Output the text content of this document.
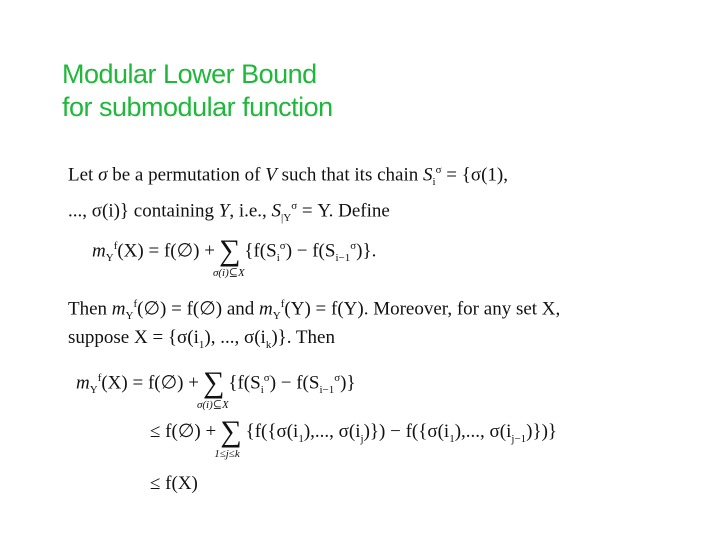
Modular Lower Bound
for submodular function
Let σ be a permutation of V such that its chain $S_i^\sigma = \{\sigma(1)$,
..., σ(i)} containing Y, i.e., $S_{|Y}^\sigma = Y$. Define
$m_Y^f(X)$ = f(∅) + ∑
σ(i)⊆X
$\{f(S_i^\sigma) - f(S_{i-1}^\sigma)\}$.
Then $m_Y^f(\emptyset)$ = f(∅) and $m_Y^f(Y) = f(Y)$. Moreover, for any set X,
suppose $X = \{\sigma(i_1)$, ..., $\sigma(i_k)$}. Then
$m_Y^f(X)$ = f(∅) + ∑
σ(i)⊆X
$\{f(S_i^\sigma) - f(S_{i-1}^\sigma)\}$
≤ f(∅) + ∑
1≤j≤k
{$f(\{\sigma(i_1)$,..., $\sigma(i_j)\}) - f(\{\sigma(i_1)$,..., $\sigma(i_{j-1})$})}
≤ f(X)
